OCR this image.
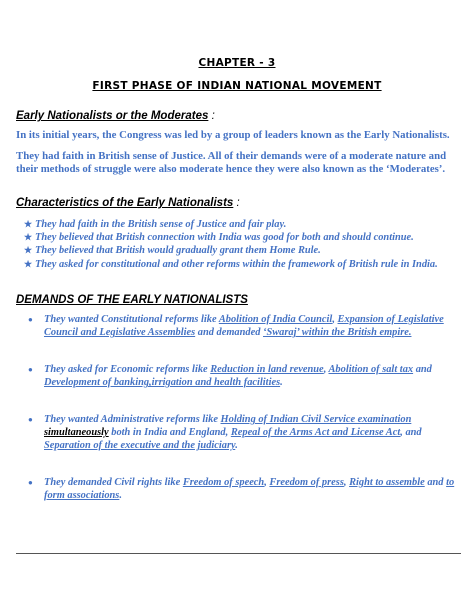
CHAPTER - 3
FIRST PHASE OF INDIAN NATIONAL MOVEMENT
Early Nationalists or the Moderates :
In its initial years, the Congress was led by a group of leaders known as the Early Nationalists.
They had faith in British sense of Justice. All of their demands were of a moderate nature and their methods of struggle were also moderate hence they were also known as the ‘Moderates’.
Characteristics of the Early Nationalists :
★ They had faith in the British sense of Justice and fair play.
★ They believed that British connection with India was good for both and should continue.
★ They believed that British would gradually grant them Home Rule.
★ They asked for constitutional and other reforms within the framework of British rule in India.
DEMANDS OF THE EARLY NATIONALISTS
● They wanted Constitutional reforms like Abolition of India Council, Expansion of Legislative Council and Legislative Assemblies and demanded ‘Swaraj’ within the British empire.
● They asked for Economic reforms like Reduction in land revenue, Abolition of salt tax and Development of banking,irrigation and health facilities.
● They wanted Administrative reforms like Holding of Indian Civil Service examination
simultaneously both in India and England, Repeal of the Arms Act and License Act, and Separation of the executive and the judiciary.
● They demanded Civil rights like Freedom of speech, Freedom of press, Right to assemble and to form associations.
